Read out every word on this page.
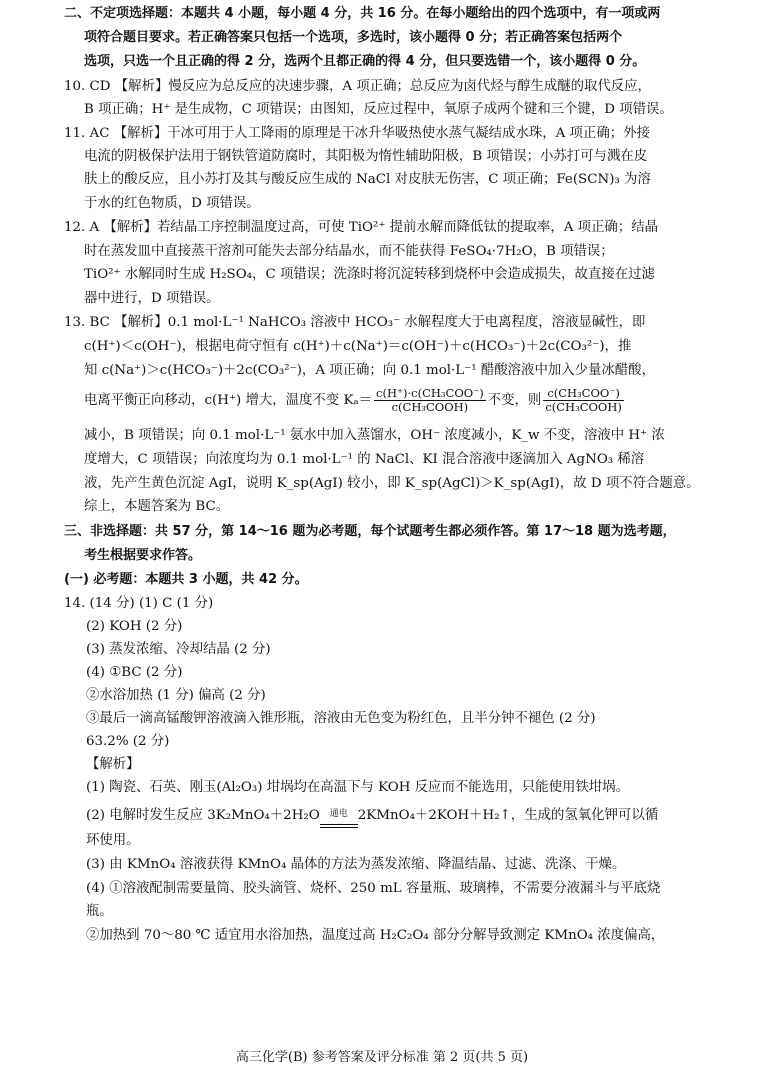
二、不定项选择题：本题共 4 小题，每小题 4 分，共 16 分。在每小题给出的四个选项中，有一项或两
项符合题目要求。若正确答案只包括一个选项，多选时，该小题得 0 分；若正确答案包括两个
选项，只选一个且正确的得 2 分，选两个且都正确的得 4 分，但只要选错一个，该小题得 0 分。
10. CD 【解析】慢反应为总反应的决速步骤，A 项正确；总反应为卤代烃与醇生成醚的取代反应，
B 项正确；H⁺ 是生成物，C 项错误；由图知，反应过程中，氧原子成两个键和三个键，D 项错误。
11. AC 【解析】干冰可用于人工降雨的原理是干冰升华吸热使水蒸气凝结成水珠，A 项正确；外接
电流的阴极保护法用于钢铁管道防腐时，其阳极为惰性辅助阳极，B 项错误；小苏打可与溅在皮
肤上的酸反应，且小苏打及其与酸反应生成的 NaCl 对皮肤无伤害，C 项正确；Fe(SCN)₃ 为溶
于水的红色物质，D 项错误。
12. A 【解析】若结晶工序控制温度过高，可使 TiO²⁺ 提前水解而降低钛的提取率，A 项正确；结晶
时在蒸发皿中直接蒸干溶剂可能失去部分结晶水，而不能获得 FeSO₄·7H₂O，B 项错误；
TiO²⁺ 水解同时生成 H₂SO₄，C 项错误；洗涤时将沉淀转移到烧杯中会造成损失，故直接在过滤
器中进行，D 项错误。
13. BC 【解析】0.1 mol·L⁻¹ NaHCO₃ 溶液中 HCO₃⁻ 水解程度大于电离程度，溶液显碱性，即
c(H⁺)＜c(OH⁻)，根据电荷守恒有 c(H⁺)＋c(Na⁺)＝c(OH⁻)＋c(HCO₃⁻)＋2c(CO₃²⁻)，推
知 c(Na⁺)＞c(HCO₃⁻)＋2c(CO₃²⁻)，A 项正确；向 0.1 mol·L⁻¹ 醋酸溶液中加入少量冰醋酸，
电离平衡正向移动，c(H⁺) 增大，温度不变 $K_a= \frac{\text{c(H⁺)·c(CH₃COO⁻)}}{\text{c(CH₃COOH)}}$ 不变，则 $\frac{\text{c(CH₃COO⁻)}}{\text{c(CH₃COOH)}}$
减小，B 项错误；向 0.1 mol·L⁻¹ 氨水中加入蒸馏水，OH⁻ 浓度减小，K_w 不变，溶液中 H⁺ 浓
度增大，C 项错误；向浓度均为 0.1 mol·L⁻¹ 的 NaCl、KI 混合溶液中逐滴加入 AgNO₃ 稀溶
液，先产生黄色沉淀 AgI，说明 K_sp(AgI) 较小，即 K_sp(AgCl)＞K_sp(AgI)，故 D 项不符合题意。
综上，本题答案为 BC。
三、非选择题：共 57 分，第 14～16 题为必考题，每个试题考生都必须作答。第 17～18 题为选考题，
考生根据要求作答。
(一) 必考题：本题共 3 小题，共 42 分。
14. (14 分) (1) C (1 分)
(2) KOH (2 分)
(3) 蒸发浓缩、冷却结晶 (2 分)
(4) ①BC (2 分)
②水浴加热 (1 分) 偏高 (2 分)
③最后一滴高锰酸钾溶液滴入锥形瓶，溶液由无色变为粉红色，且半分钟不褪色 (2 分)
63.2% (2 分)
【解析】
(1) 陶瓷、石英、刚玉(Al₂O₃) 坩埚均在高温下与 KOH 反应而不能选用，只能使用铁坩埚。
(2) 电解时发生反应 3K₂MnO₄＋2H₂O	通电 2KMnO₄＋2KOH＋H₂↑，生成的氢氧化钾可以循
环使用。
(3) 由 KMnO₄ 溶液获得 KMnO₄ 晶体的方法为蒸发浓缩、降温结晶、过滤、洗涤、干燥。
(4) ①溶液配制需要量筒、胶头滴管、烧杯、250 mL 容量瓶、玻璃棒，不需要分液漏斗与平底烧
瓶。
②加热到 70～80 ℃ 适宜用水浴加热，温度过高 H₂C₂O₄ 部分分解导致测定 KMnO₄ 浓度偏高，
高三化学(B) 参考答案及评分标准 第 2 页(共 5 页)
